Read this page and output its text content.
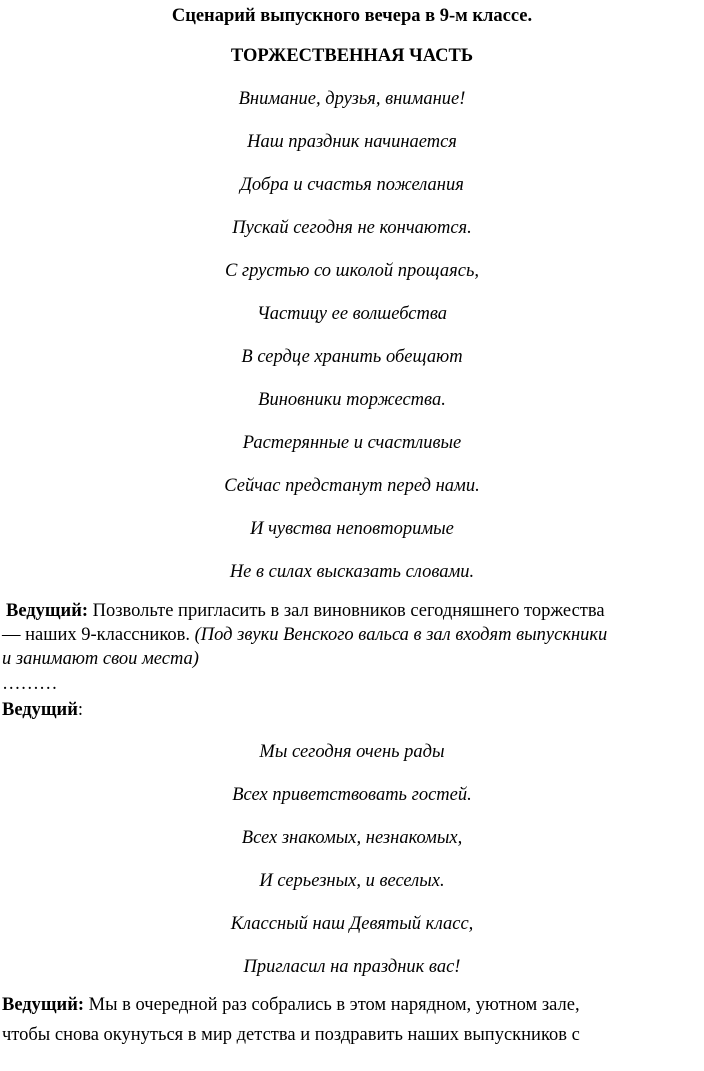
Сценарий выпускного вечера в 9-м классе.
ТОРЖЕСТВЕННАЯ ЧАСТЬ
Внимание, друзья, внимание!
Наш праздник начинается
Добра и счастья пожелания
Пускай сегодня не кончаются.
С грустью со школой прощаясь,
Частицу ее волшебства
В сердце хранить обещают
Виновники торжества.
Растерянные и счастливые
Сейчас предстанут перед нами.
И чувства неповторимые
Не в силах высказать словами.
Ведущий: Позвольте пригласить в зал виновников сегодняшнего торжества
— наших 9-классников. (Под звуки Венского вальса в зал входят выпускники
и занимают свои места)
………
Ведущий:
Мы сегодня очень рады
Всех приветствовать гостей.
Всех знакомых, незнакомых,
И серьезных, и веселых.
Классный наш Девятый класс,
Пригласил на праздник вас!
Ведущий: Мы в очередной раз собрались в этом нарядном, уютном зале,
чтобы снова окунуться в мир детства и поздравить наших выпускников с
